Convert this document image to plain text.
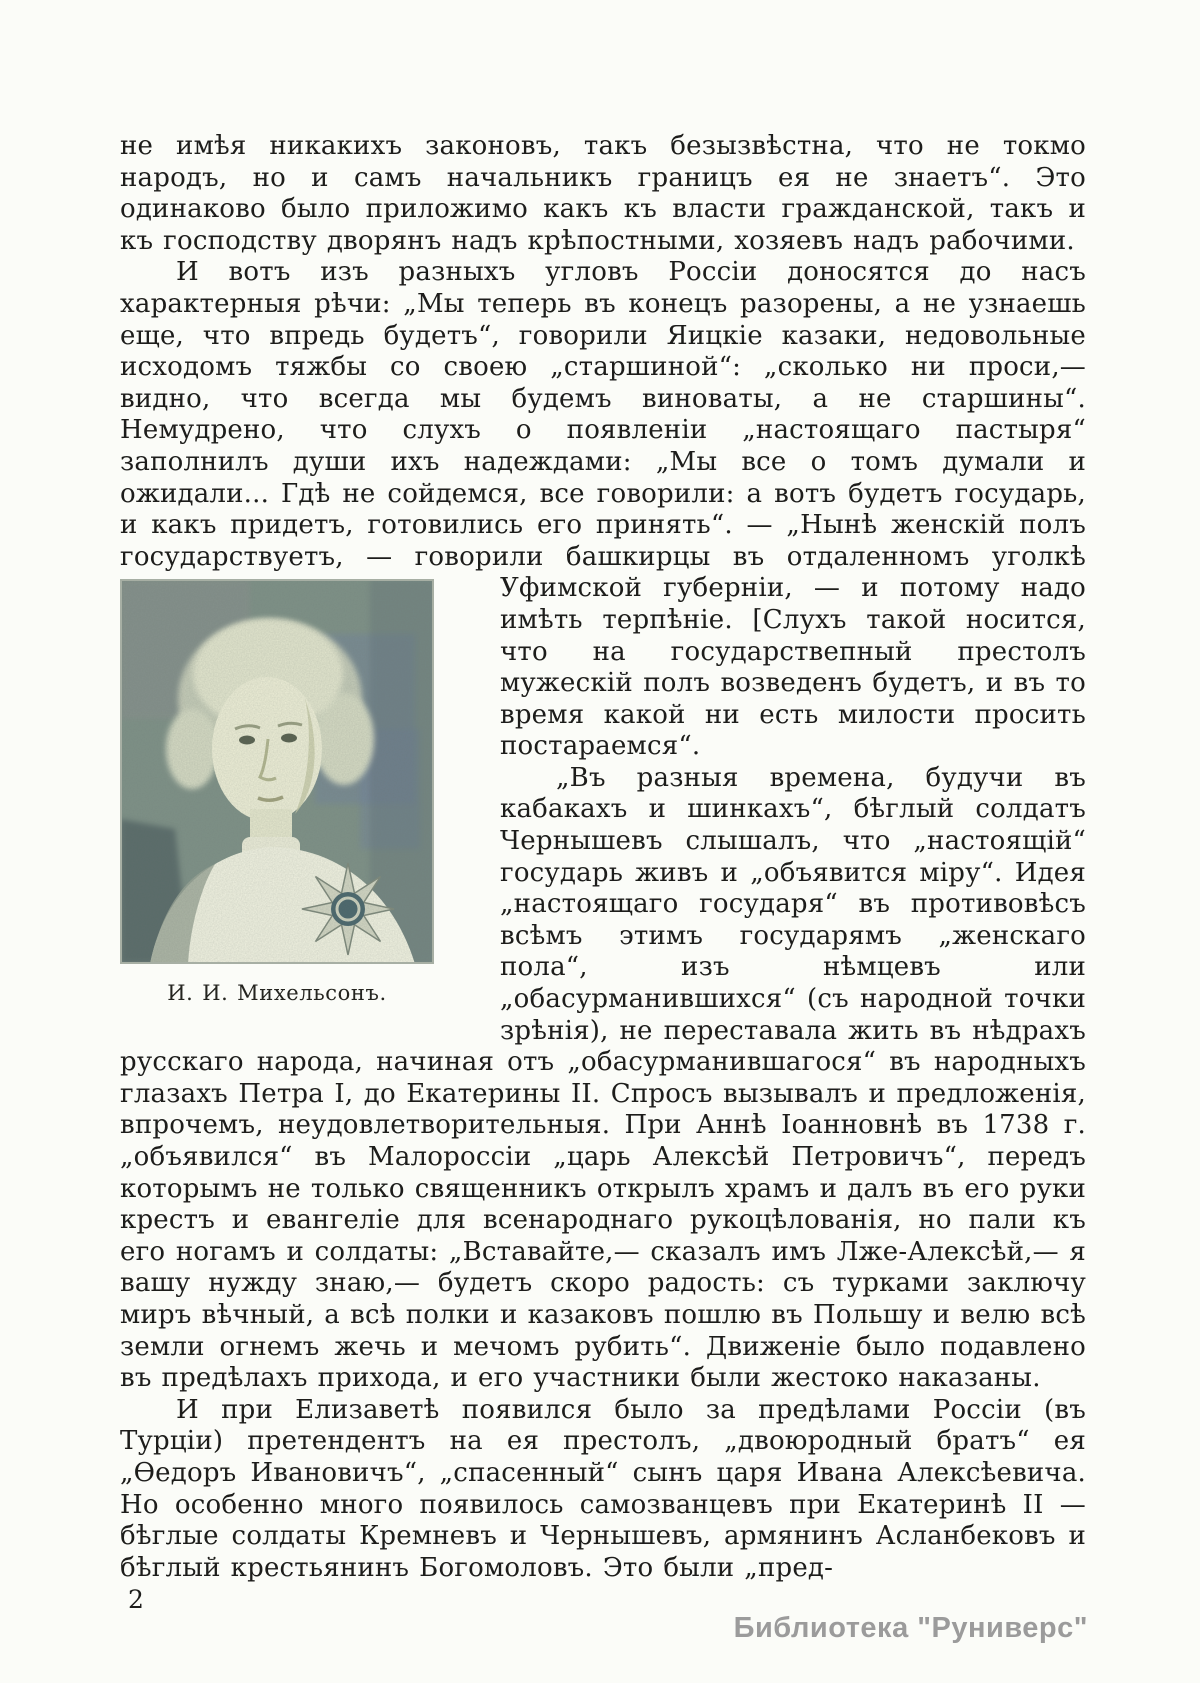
не имѣя никакихъ законовъ, такъ безызвѣстна, что не токмо народъ, но и самъ начальникъ границъ ея не знаетъ“. Это одинаково было приложимо какъ къ власти гражданской, такъ и къ господству дворянъ надъ крѣпостными, хозяевъ надъ рабочими.

И вотъ изъ разныхъ угловъ Россіи доносятся до насъ характерныя рѣчи: „Мы теперь въ конецъ разорены, а не узнаешь еще, что впредь будетъ“, говорили Яицкіе казаки, недовольные исходомъ тяжбы со своею „старшиной“: „сколько ни проси,—видно, что всегда мы будемъ виноваты, а не старшины“. Немудрено, что слухъ о появленіи „настоящаго пастыря“ заполнилъ души ихъ надеждами: „Мы все о томъ думали и ожидали... Гдѣ не сойдемся, все говорили: а вотъ будетъ государь, и какъ придетъ, готовились его принять“. — „Нынѣ женскій полъ государствуетъ, — говорили башкирцы въ отдаленномъ уголкѣ Уфимской губерніи, — и потому надо
И. И. Михельсонъ.
имѣть терпѣніе. [Слухъ такой носится, что на государствепный престолъ мужескій полъ возведенъ будетъ, и въ то время какой ни есть милости просить постараемся“.

„Въ разныя времена, будучи въ кабакахъ и шинкахъ“, бѣглый солдатъ Чернышевъ слышалъ, что „настоящій“ государь живъ и „объявится міру“. Идея „настоящаго государя“ въ противовѣсъ всѣмъ этимъ государямъ „женскаго пола“, изъ нѣмцевъ или „обасурманившихся“ (съ народной точки зрѣнія), не переставала жить въ нѣдрахъ русскаго народа, начиная отъ „обасурманившагося“ въ народныхъ глазахъ Петра I, до Екатерины II. Спросъ вызывалъ и предложенія, впрочемъ, неудовлетворительныя. При Аннѣ Іоанновнѣ въ 1738 г. „объявился“ въ Малороссіи „царь Алексѣй Петровичъ“, передъ которымъ не только священникъ открылъ храмъ и далъ въ его руки крестъ и евангеліе для всенароднаго рукоцѣлованія, но пали къ его ногамъ и солдаты: „Вставайте,— сказалъ имъ Лже-Алексѣй,— я вашу нужду знаю,— будетъ скоро радость: съ турками заключу миръ вѣчный, а всѣ полки и казаковъ пошлю въ Польшу и велю всѣ земли огнемъ жечь и мечомъ рубить“. Движеніе было подавлено въ предѣлахъ прихода, и его участники были жестоко наказаны.

И при Елизаветѣ появился было за предѣлами Россіи (въ Турціи) претендентъ на ея престолъ, „двоюродный братъ“ ея „Ѳедоръ Ивановичъ“, „спасенный“ сынъ царя Ивана Алексѣевича. Но особенно много появилось самозванцевъ при Екатеринѣ II — бѣглые солдаты Кремневъ и Чернышевъ, армянинъ Асланбековъ и бѣглый крестьянинъ Богомоловъ. Это были „пред-

2

Библиотека "Руниверс"
